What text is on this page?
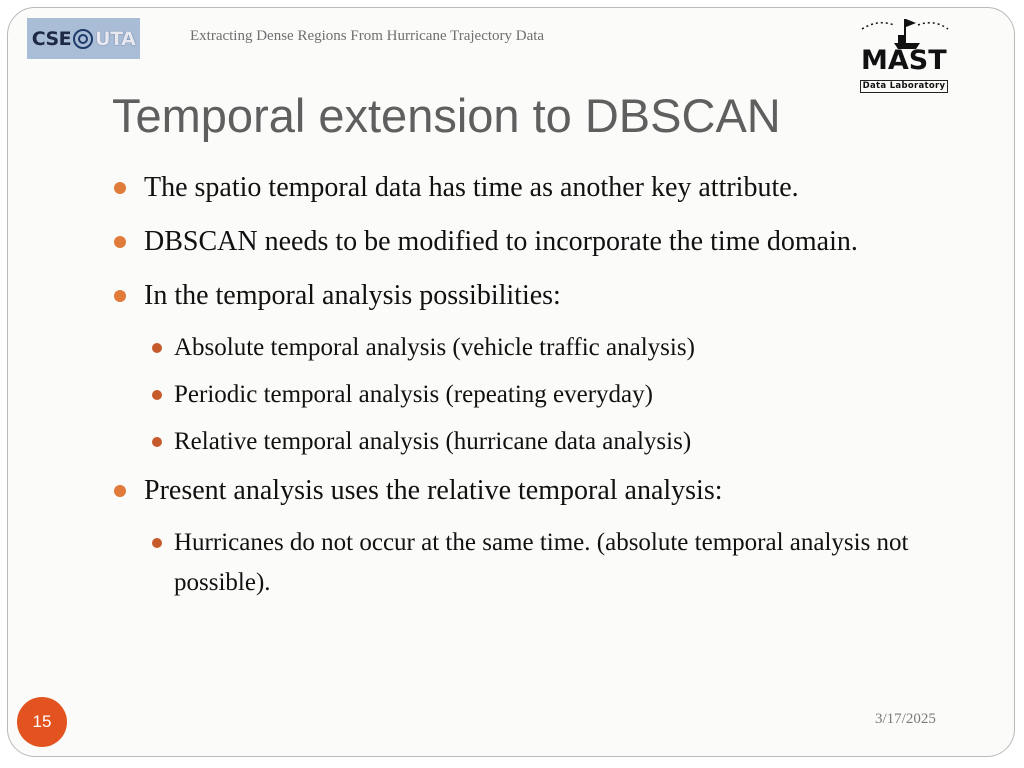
CSE UTA	Extracting Dense Regions From Hurricane Trajectory Data
MAST
Data Laboratory
Temporal extension to DBSCAN
The spatio temporal data has time as another key attribute.
DBSCAN needs to be modified to incorporate the time domain.
In the temporal analysis possibilities:
Absolute temporal analysis (vehicle traffic analysis)
Periodic temporal analysis (repeating everyday)
Relative temporal analysis (hurricane data analysis)
Present analysis uses the relative temporal analysis:
Hurricanes do not occur at the same time. (absolute temporal analysis not possible).
15	3/17/2025
